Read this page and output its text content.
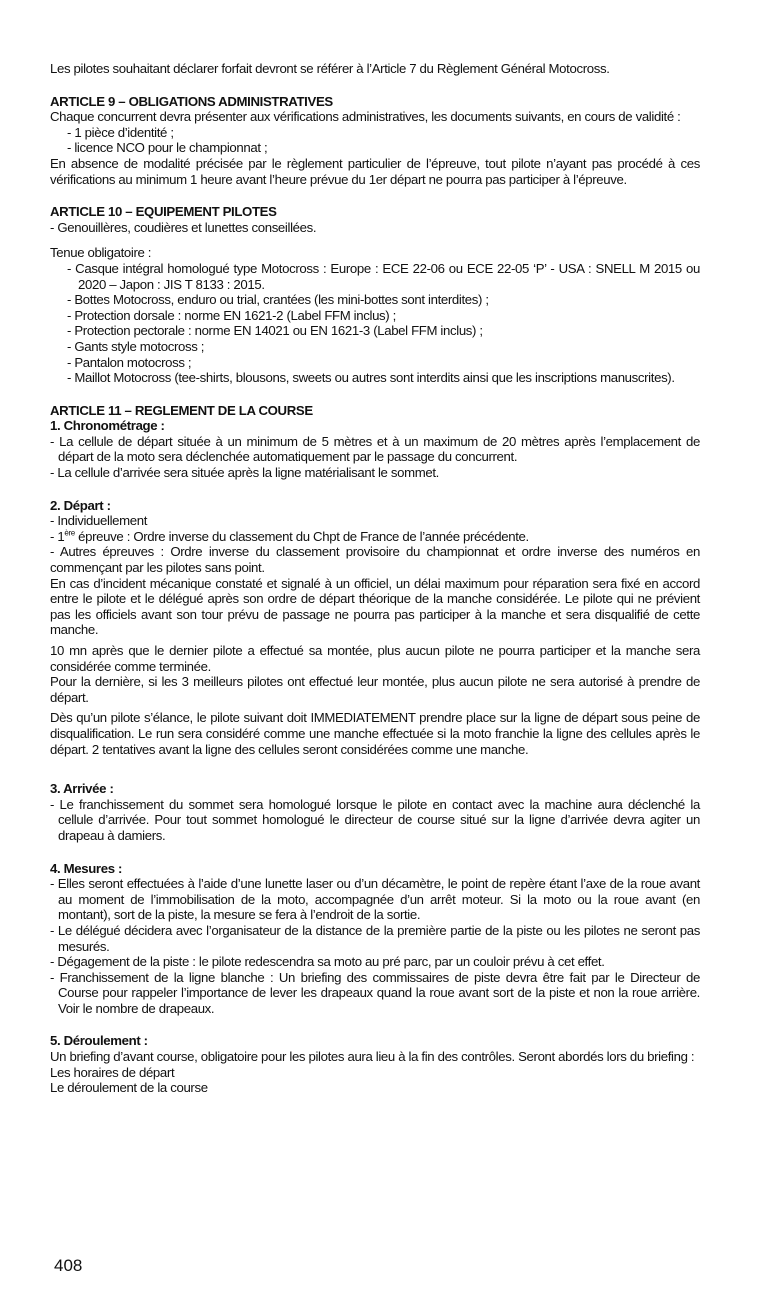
Les pilotes souhaitant déclarer forfait devront se référer à l’Article 7 du Règlement Général Motocross.

ARTICLE 9 – OBLIGATIONS ADMINISTRATIVES

Chaque concurrent devra présenter aux vérifications administratives, les documents suivants, en cours de validité :

- 1 pièce d’identité ;

- licence NCO pour le championnat ;

En absence de modalité précisée par le règlement particulier de l’épreuve, tout pilote n’ayant pas procédé à ces vérifications au minimum 1 heure avant l’heure prévue du 1er départ ne pourra pas participer à l’épreuve.

ARTICLE 10 – EQUIPEMENT PILOTES

- Genouillères, coudières et lunettes conseillées.

Tenue obligatoire :

- Casque intégral homologué type Motocross : Europe : ECE 22-06 ou ECE 22-05 ‘P’ - USA : SNELL M 2015 ou 2020 – Japon : JIS T 8133 : 2015.

- Bottes Motocross, enduro ou trial, crantées (les mini-bottes sont interdites) ;

- Protection dorsale : norme EN 1621-2 (Label FFM inclus) ;

- Protection pectorale : norme EN 14021 ou EN 1621-3 (Label FFM inclus) ;

- Gants style motocross ;

- Pantalon motocross ;

- Maillot Motocross (tee-shirts, blousons, sweets ou autres sont interdits ainsi que les inscriptions manuscrites).

ARTICLE 11 – REGLEMENT DE LA COURSE

1. Chronométrage :

- La cellule de départ située à un minimum de 5 mètres et à un maximum de 20 mètres après l’emplacement de départ de la moto sera déclenchée automatiquement par le passage du concurrent.

- La cellule d’arrivée sera située après la ligne matérialisant le sommet.

2. Départ :

- Individuellement

- 1ère épreuve : Ordre inverse du classement du Chpt de France de l’année précédente.

- Autres épreuves : Ordre inverse du classement provisoire du championnat et ordre inverse des numéros en commençant par les pilotes sans point.

En cas d’incident mécanique constaté et signalé à un officiel, un délai maximum pour réparation sera fixé en accord entre le pilote et le délégué après son ordre de départ théorique de la manche considérée. Le pilote qui ne prévient pas les officiels avant son tour prévu de passage ne pourra pas participer à la manche et sera disqualifié de cette manche.

10 mn après que le dernier pilote a effectué sa montée, plus aucun pilote ne pourra participer et la manche sera considérée comme terminée.

Pour la dernière, si les 3 meilleurs pilotes ont effectué leur montée, plus aucun pilote ne sera autorisé à prendre de départ.

Dès qu’un pilote s’élance, le pilote suivant doit IMMEDIATEMENT prendre place sur la ligne de départ sous peine de disqualification. Le run sera considéré comme une manche effectuée si la moto franchie la ligne des cellules après le départ. 2 tentatives avant la ligne des cellules seront considérées comme une manche.

3. Arrivée :

- Le franchissement du sommet sera homologué lorsque le pilote en contact avec la machine aura déclenché la cellule d’arrivée. Pour tout sommet homologué le directeur de course situé sur la ligne d’arrivée devra agiter un drapeau à damiers.

4. Mesures :

- Elles seront effectuées à l’aide d’une lunette laser ou d’un décamètre, le point de repère étant l’axe de la roue avant au moment de l’immobilisation de la moto, accompagnée d’un arrêt moteur. Si la moto ou la roue avant (en montant), sort de la piste, la mesure se fera à l’endroit de la sortie.

- Le délégué décidera avec l’organisateur de la distance de la première partie de la piste ou les pilotes ne seront pas mesurés.

- Dégagement de la piste : le pilote redescendra sa moto au pré parc, par un couloir prévu à cet effet.

- Franchissement de la ligne blanche : Un briefing des commissaires de piste devra être fait par le Directeur de Course pour rappeler l’importance de lever les drapeaux quand la roue avant sort de la piste et non la roue arrière. Voir le nombre de drapeaux.

5. Déroulement :

Un briefing d’avant course, obligatoire pour les pilotes aura lieu à la fin des contrôles. Seront abordés lors du briefing :

Les horaires de départ

Le déroulement de la course

408
